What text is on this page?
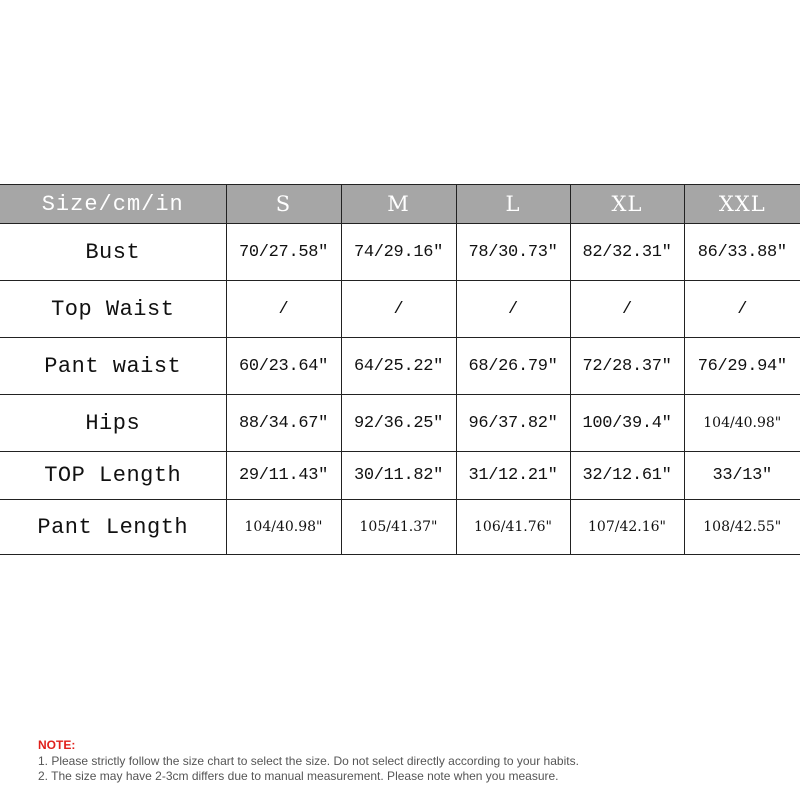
Size/cm/in	S	M	L	XL	XXL
Bust	70/27.58"	74/29.16"	78/30.73"	82/32.31"	86/33.88"
Top Waist	/	/	/	/	/
Pant waist	60/23.64"	64/25.22"	68/26.79"	72/28.37"	76/29.94"
Hips	88/34.67"	92/36.25"	96/37.82"	100/39.4"	104/40.98"
TOP Length	29/11.43"	30/11.82"	31/12.21"	32/12.61"	33/13"
Pant Length	104/40.98"	105/41.37"	106/41.76"	107/42.16"	108/42.55"
NOTE:
1. Please strictly follow the size chart to select the size. Do not select directly according to your habits.
2. The size may have 2-3cm differs due to manual measurement. Please note when you measure.
